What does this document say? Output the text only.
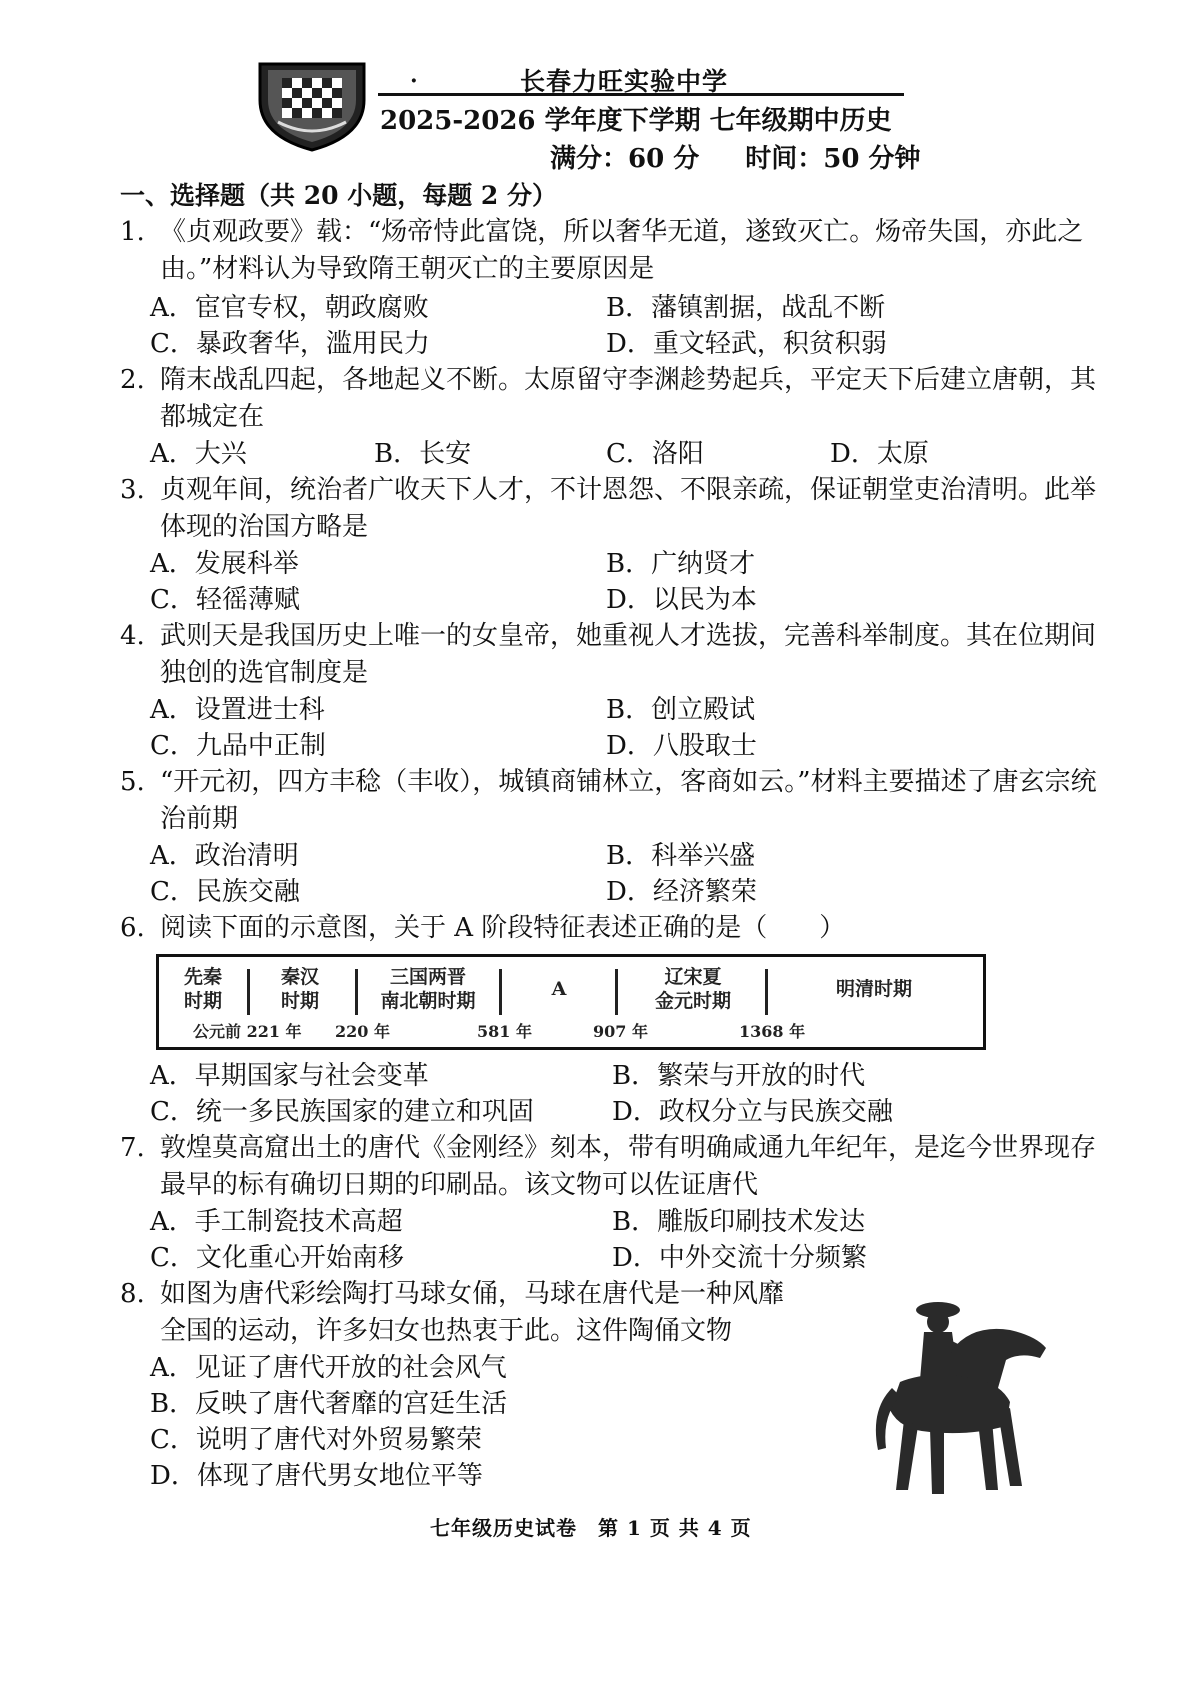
·	长春力旺实验中学
2025-2026 学年度下学期 七年级期中历史
满分：60 分 时间：50 分钟
一、选择题（共 20 小题，每题 2 分）
1. 《贞观政要》载：“炀帝恃此富饶，所以奢华无道，遂致灭亡。炀帝失国，亦此之由。”材料认为导致隋王朝灭亡的主要原因是
A．宦官专权，朝政腐败	B．藩镇割据，战乱不断
C．暴政奢华，滥用民力	D．重文轻武，积贫积弱
2. 隋末战乱四起，各地起义不断。太原留守李渊趁势起兵，平定天下后建立唐朝，其都城定在
A．大兴	B．长安	C．洛阳	D．太原
3. 贞观年间，统治者广收天下人才，不计恩怨、不限亲疏，保证朝堂吏治清明。此举体现的治国方略是
A．发展科举	B．广纳贤才
C．轻徭薄赋	D．以民为本
4. 武则天是我国历史上唯一的女皇帝，她重视人才选拔，完善科举制度。其在位期间独创的选官制度是
A．设置进士科	B．创立殿试
C．九品中正制	D．八股取士
5. “开元初，四方丰稔（丰收），城镇商铺林立，客商如云。”材料主要描述了唐玄宗统治前期
A．政治清明	B．科举兴盛
C．民族交融	D．经济繁荣
6. 阅读下面的示意图，关于 A 阶段特征表述正确的是（　　）
先秦
时期
秦汉
时期
三国两晋
南北朝时期
A
辽宋夏
金元时期
明清时期
公元前 221 年 220 年	581 年	907 年	1368 年
A．早期国家与社会变革	B．繁荣与开放的时代
C．统一多民族国家的建立和巩固	D．政权分立与民族交融
7. 敦煌莫高窟出土的唐代《金刚经》刻本，带有明确咸通九年纪年，是迄今世界现存最早的标有确切日期的印刷品。该文物可以佐证唐代
A．手工制瓷技术高超	B．雕版印刷技术发达
C．文化重心开始南移	D．中外交流十分频繁
8. 如图为唐代彩绘陶打马球女俑，马球在唐代是一种风靡
全国的运动，许多妇女也热衷于此。这件陶俑文物
A．见证了唐代开放的社会风气
B．反映了唐代奢靡的宫廷生活
C．说明了唐代对外贸易繁荣
D．体现了唐代男女地位平等
七年级历史试卷　第 1 页 共 4 页
